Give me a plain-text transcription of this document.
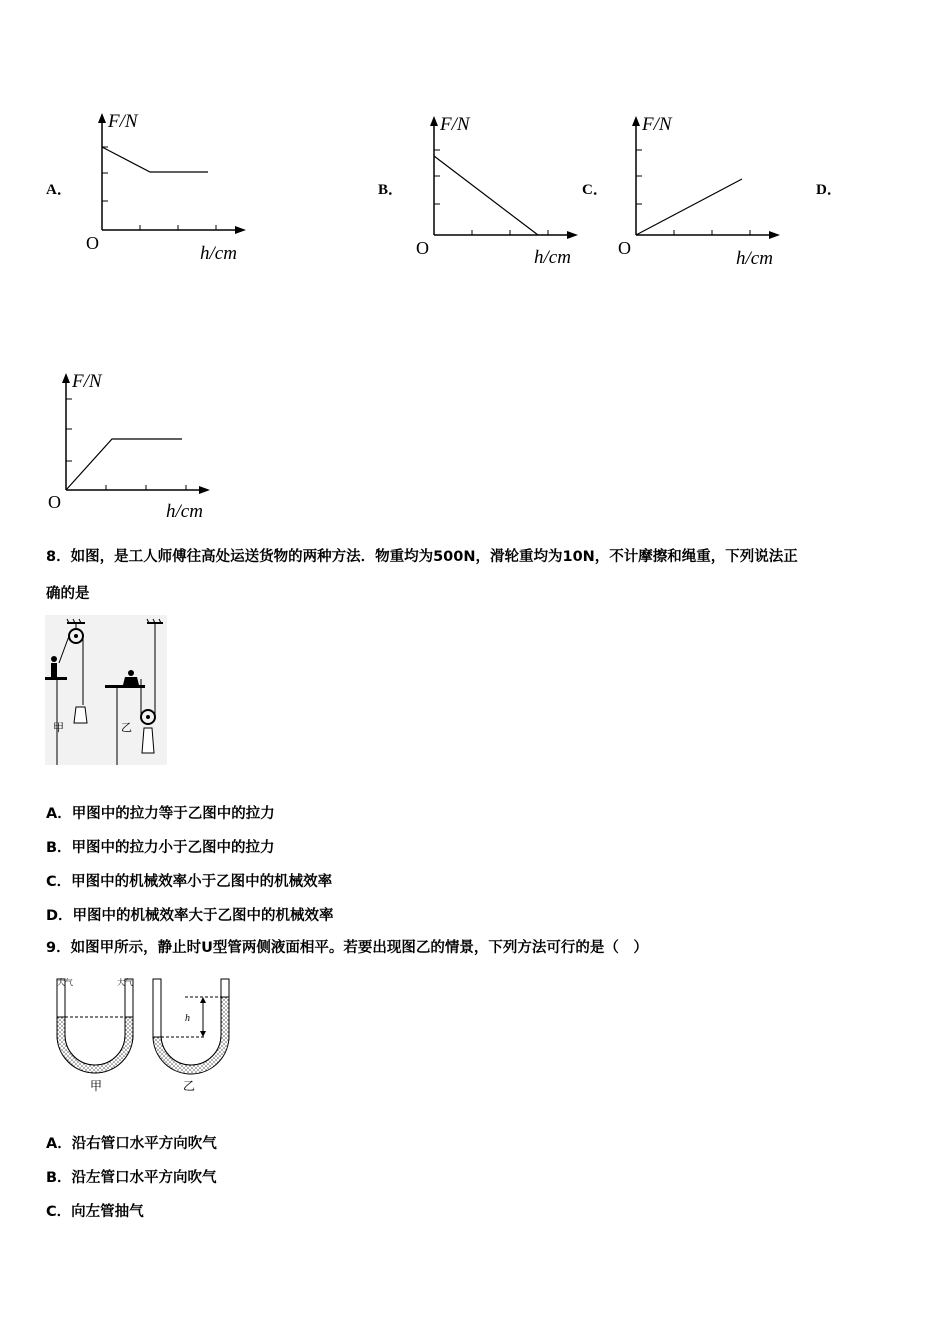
A．	B．	C．	D．
F/N
O	h/cm
F/N
O	h/cm
F/N
O	h/cm
F/N
O	h/cm
8．如图，是工人师傅往高处运送货物的两种方法．物重均为500N，滑轮重均为10N，不计摩擦和绳重，下列说法正
确的是
甲	乙
A．甲图中的拉力等于乙图中的拉力
B．甲图中的拉力小于乙图中的拉力
C．甲图中的机械效率小于乙图中的机械效率
D．甲图中的机械效率大于乙图中的机械效率
9．如图甲所示，静止时U型管两侧液面相平。若要出现图乙的情景，下列方法可行的是（　）
大气	大气
甲
h
乙
A．沿右管口水平方向吹气
B．沿左管口水平方向吹气
C．向左管抽气
